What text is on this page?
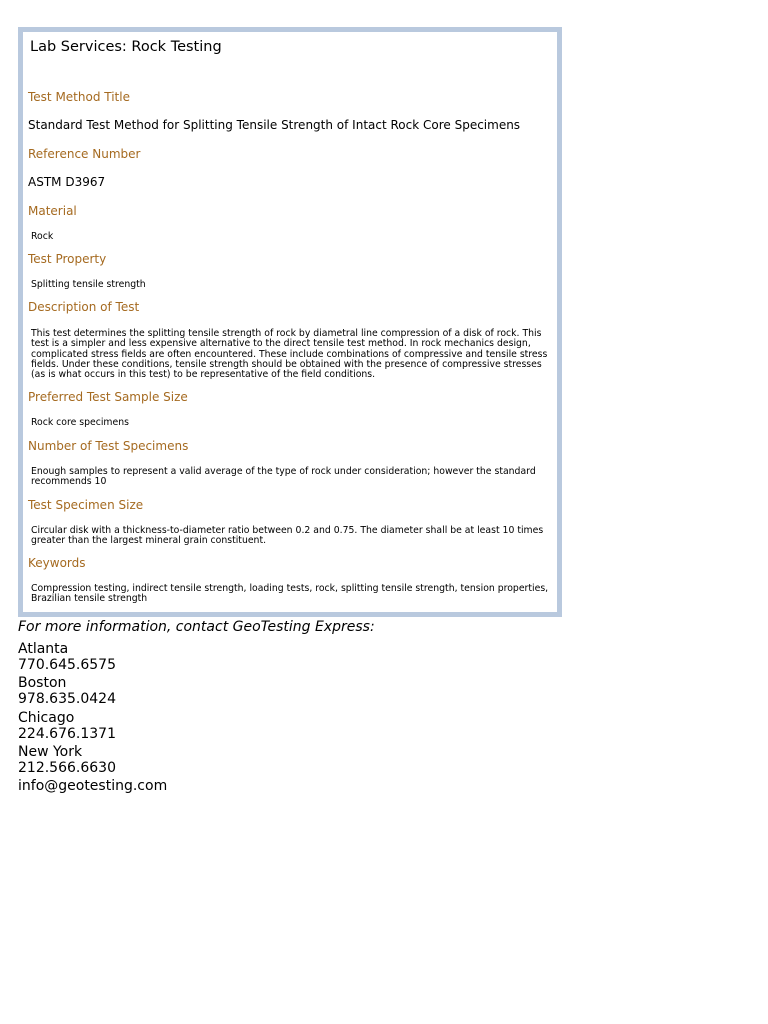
Lab Services: Rock Testing
Test Method Title
Standard Test Method for Splitting Tensile Strength of Intact Rock Core Specimens
Reference Number
ASTM D3967
Material
Rock
Test Property
Splitting tensile strength
Description of Test
This test determines the splitting tensile strength of rock by diametral line compression of a disk of rock. This test is a simpler and less expensive alternative to the direct tensile test method. In rock mechanics design, complicated stress fields are often encountered. These include combinations of compressive and tensile stress fields. Under these conditions, tensile strength should be obtained with the presence of compressive stresses (as is what occurs in this test) to be representative of the field conditions.
Preferred Test Sample Size
Rock core specimens
Number of Test Specimens
Enough samples to represent a valid average of the type of rock under consideration; however the standard recommends 10
Test Specimen Size
Circular disk with a thickness-to-diameter ratio between 0.2 and 0.75. The diameter shall be at least 10 times greater than the largest mineral grain constituent.
Keywords
Compression testing, indirect tensile strength, loading tests, rock, splitting tensile strength, tension properties, Brazilian tensile strength
For more information, contact GeoTesting Express:
Atlanta
770.645.6575
Boston
978.635.0424
Chicago
224.676.1371
New York
212.566.6630
info@geotesting.com
